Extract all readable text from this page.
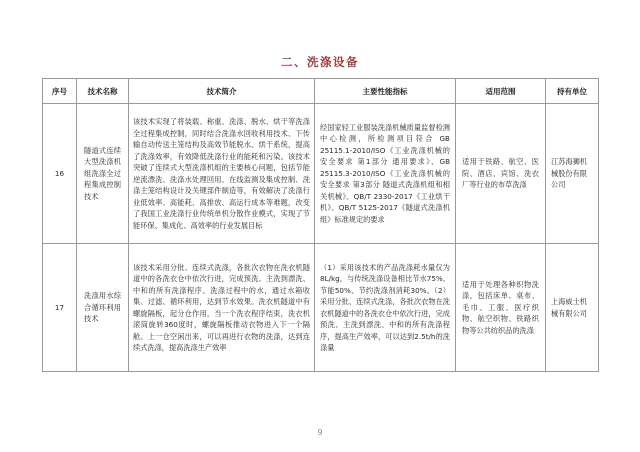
二、洗涤设备
序号	技术名称	技术简介	主要性能指标	适用范围	持有单位
16	隧道式连续大型洗涤机组洗涤全过程集成控制技术	该技术实现了将装载、称重、洗涤、脱水、烘干等洗涤全过程集成控制，同时结合洗涤水回收利用技术、下传输自动传送主笼结构及高效节能脱水、烘干系统，提高了洗涤效率，有效降低洗涤行业的能耗和污染。该技术突破了连续式大型洗涤机组的主要核心问题，包括节能逆流漂洗、洗涤水处理回用、在线监测及集成控制、洗涤主笼结构设计及关键部件制造等，有效解决了洗涤行业低效率、高能耗、高排放、高运行成本等难题，改变了我国工业洗涤行业传统单机分散作业模式，实现了节能环保、集成化、高效率的行业发展目标	经国家轻工业服装洗涤机械质量监督检测中心检测，所检测项目符合 GB 25115.1-2010/ISO《工业洗涤机械的安全要求 第1部分 通用要求》、GB 25115.3-2010/ISO《工业洗涤机械的安全要求 第3部分 隧道式洗涤机组和相关机械》、QB/T 2330-2017《工业烘干机》、QB/T 5125-2017《隧道式洗涤机组》标准规定的要求	适用于铁路、航空、医院、酒店、宾馆、洗衣厂等行业的布草洗涤	江苏海狮机械股份有限公司
17	洗涤用水综合循环利用技术	该技术采用分批、连续式洗涤，各批次衣物在洗衣机隧道中的各洗衣仓中依次行进，完成预洗、主洗到漂洗、中和的所有洗涤程序。洗涤过程中的水，通过水箱收集、过滤、循环利用，达到节水效果。洗衣机隧道中有螺旋隔板，起分仓作用，当一个洗衣程序结束，洗衣机滚筒旋转360度时，螺旋隔板推动衣物进入下一个隔舱。上一仓空闲出来，可以再进行衣物的洗涤，达到连续式洗涤，提高洗涤生产效率	（1）采用该技术的产品洗涤耗水量仅为8L/kg，与传统洗涤设备相比节水75%、节能50%、节约洗涤剂消耗30%。（2）采用分批、连续式洗涤，各批次衣物在洗衣机隧道中的各洗衣仓中依次行进，完成预洗、主洗到漂洗、中和的所有洗涤程序，提高生产效率，可以达到2.5t/h的洗涤量	适用于处理各种织物洗涤，包括床单、桌布、毛巾、工服、医疗织物、航空织物、铁路织物等公共纺织品的洗涤	上海威士机械有限公司
9
